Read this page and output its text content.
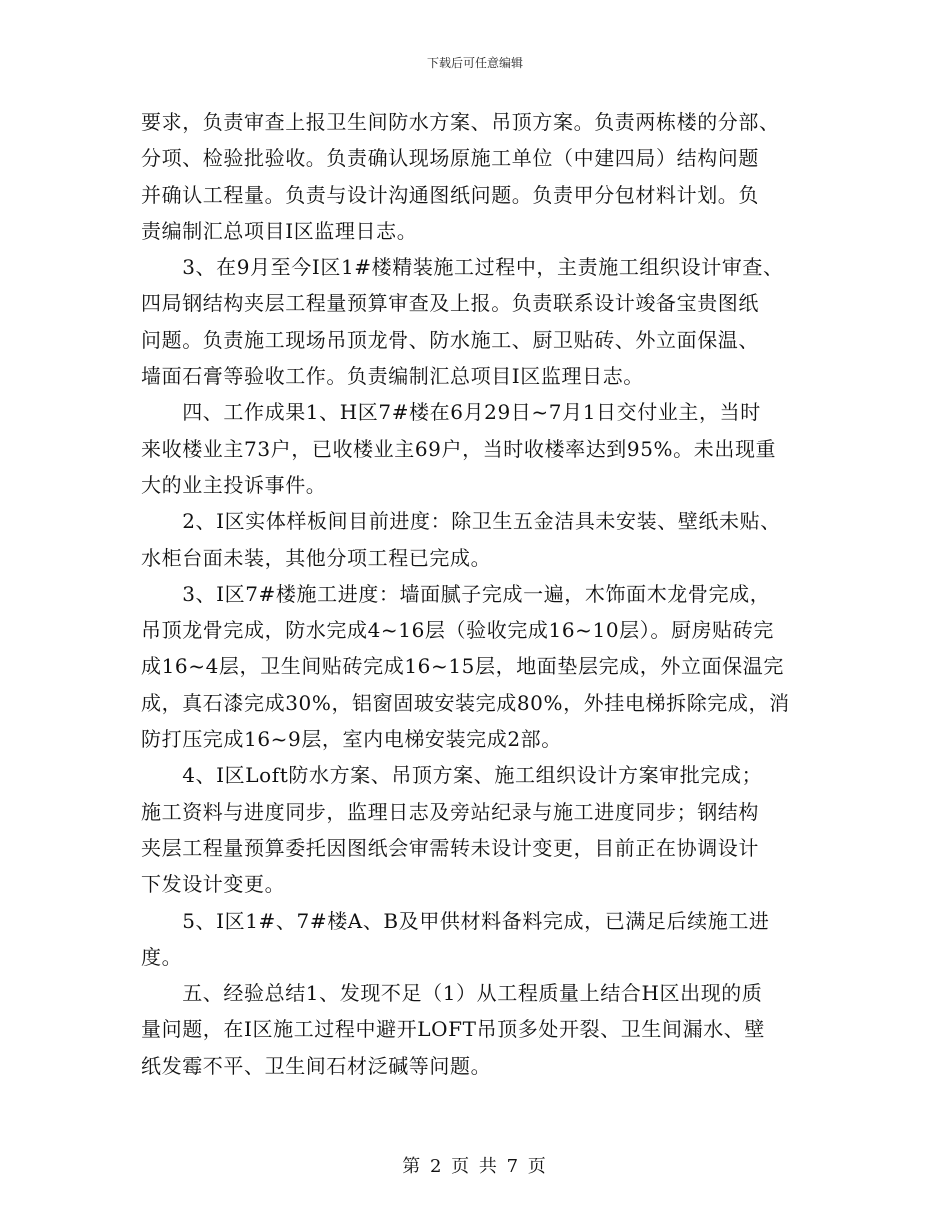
下载后可任意编辑
要求，负责审查上报卫生间防水方案、吊顶方案。负责两栋楼的分部、
分项、检验批验收。负责确认现场原施工单位（中建四局）结构问题
并确认工程量。负责与设计沟通图纸问题。负责甲分包材料计划。负
责编制汇总项目Ⅰ区监理日志。
　　3、在9月至今Ⅰ区1#楼精装施工过程中，主责施工组织设计审查、
四局钢结构夹层工程量预算审查及上报。负责联系设计竣备宝贵图纸
问题。负责施工现场吊顶龙骨、防水施工、厨卫贴砖、外立面保温、
墙面石膏等验收工作。负责编制汇总项目Ⅰ区监理日志。
　　四、工作成果1、H区7#楼在6月29日~7月1日交付业主，当时
来收楼业主73户，已收楼业主69户，当时收楼率达到95%。未出现重
大的业主投诉事件。
　　2、Ⅰ区实体样板间目前进度：除卫生五金洁具未安装、壁纸未贴、
水柜台面未装，其他分项工程已完成。
　　3、Ⅰ区7#楼施工进度：墙面腻子完成一遍，木饰面木龙骨完成，
吊顶龙骨完成，防水完成4~16层（验收完成16~10层）。厨房贴砖完
成16~4层，卫生间贴砖完成16~15层，地面垫层完成，外立面保温完
成，真石漆完成30%，铝窗固玻安装完成80%，外挂电梯拆除完成，消
防打压完成16~9层，室内电梯安装完成2部。
　　4、Ⅰ区Loft防水方案、吊顶方案、施工组织设计方案审批完成；
施工资料与进度同步，监理日志及旁站纪录与施工进度同步；钢结构
夹层工程量预算委托因图纸会审需转未设计变更，目前正在协调设计
下发设计变更。
　　5、Ⅰ区1#、7#楼A、B及甲供材料备料完成，已满足后续施工进
度。
　　五、经验总结1、发现不足（1）从工程质量上结合H区出现的质
量问题，在Ⅰ区施工过程中避开LOFT吊顶多处开裂、卫生间漏水、壁
纸发霉不平、卫生间石材泛碱等问题。
第 2 页 共 7 页
